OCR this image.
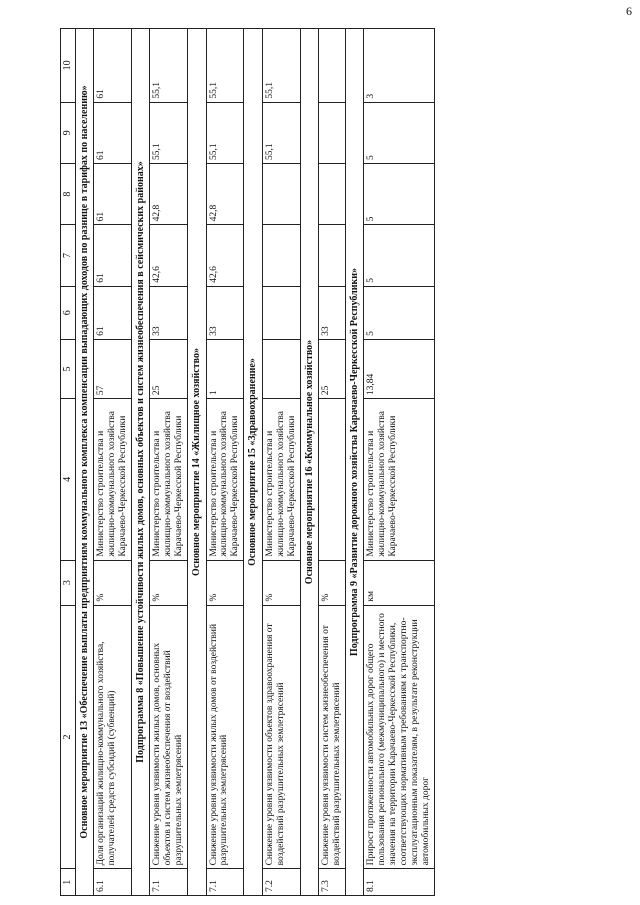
6
1	2	3	4	5	6	7	8	9	10
Основное мероприятие 13 «Обеспечение выплаты предприятиям коммунального комплекса компенсации выпадающих доходов по разнице в тарифах по населению»									
6.1	Доля организаций жилищно-коммунального хозяйства, получателей средств субсидий (субвенций)	%	Министерство строительства и жилищно-коммунального хозяйства Карачаево-Черкесской Республики	57	61	61	61	61	61
Подпрограмма 8 «Повышение устойчивости жилых домов, основных объектов и систем жизнеобеспечения в сейсмических районах»									
7.1	Снижение уровня уязвимости жилых домов, основных объектов и систем жизнеобеспечения от воздействий разрушительных землетрясений	%	Министерство строительства и жилищно-коммунального хозяйства Карачаево-Черкесской Республики	25	33	42,6	42,8	55,1	55,1
Основное мероприятие 14 «Жилищное хозяйство»									
7.1	Снижение уровня уязвимости жилых домов от воздействий разрушительных землетрясений	%	Министерство строительства и жилищно-коммунального хозяйства Карачаево-Черкесской Республики	1	33	42,6	42,8	55,1	55,1
Основное мероприятие 15 «Здравоохранение»									
7.2	Снижение уровня уязвимости объектов здравоохранения от воздействий разрушительных землетрясений	%	Министерство строительства и жилищно-коммунального хозяйства Карачаево-Черкесской Республики					55,1	55,1
Основное мероприятие 16 «Коммунальное хозяйство»									
7.3	Снижение уровня уязвимости систем жизнеобеспечения от воздействий разрушительных землетрясений	%		25	33				
Подпрограмма 9 «Развитие дорожного хозяйства Карачаево-Черкесской Республики»									
8.1	Прирост протяженности автомобильных дорог общего пользования регионального (межмуниципального) и местного значения на территории Карачаево-Черкесской Республики, соответствующих нормативным требованиям к транспортно-эксплуатационным показателям, в результате реконструкции автомобильных дорог	км	Министерство строительства и жилищно-коммунального хозяйства Карачаево-Черкесской Республики	13,84	5	5	5	5	3
